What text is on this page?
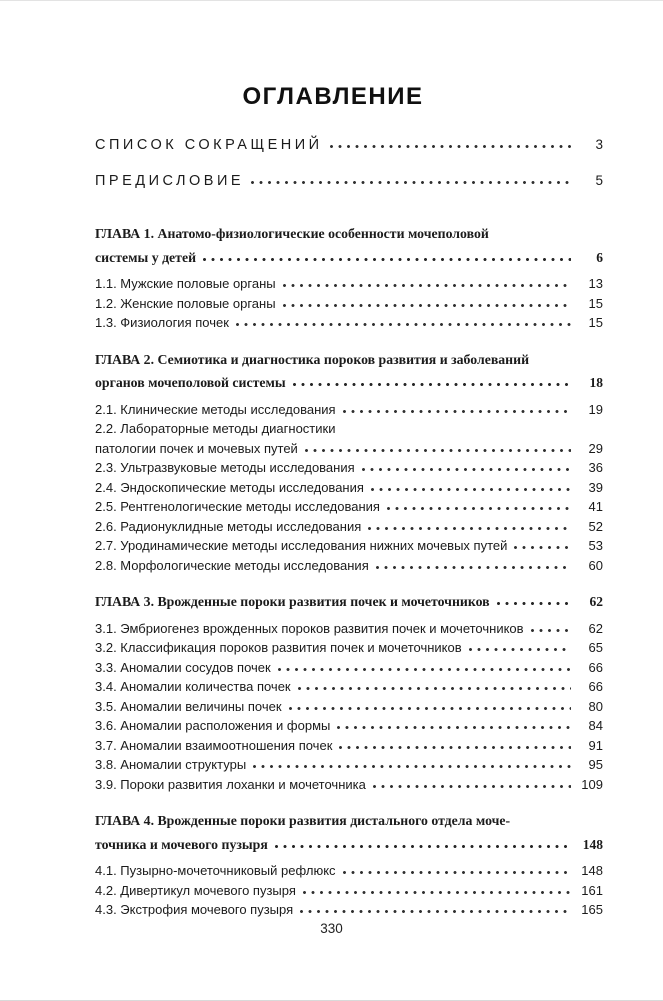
ОГЛАВЛЕНИЕ
СПИСОК СОКРАЩЕНИЙ	3
ПРЕДИСЛОВИЕ	5
ГЛАВА 1. Анатомо-физиологические особенности мочеполовой
системы у детей	6
1.1. Мужские половые органы	13
1.2. Женские половые органы	15
1.3. Физиология почек	15
ГЛАВА 2. Семиотика и диагностика пороков развития и заболеваний
органов мочеполовой системы	18
2.1. Клинические методы исследования	19
2.2. Лабораторные методы диагностики
патологии почек и мочевых путей	29
2.3. Ультразвуковые методы исследования	36
2.4. Эндоскопические методы исследования	39
2.5. Рентгенологические методы исследования	41
2.6. Радионуклидные методы исследования	52
2.7. Уродинамические методы исследования нижних мочевых путей	53
2.8. Морфологические методы исследования	60
ГЛАВА 3. Врожденные пороки развития почек и мочеточников	62
3.1. Эмбриогенез врожденных пороков развития почек и мочеточников	62
3.2. Классификация пороков развития почек и мочеточников	65
3.3. Аномалии сосудов почек	66
3.4. Аномалии количества почек	66
3.5. Аномалии величины почек	80
3.6. Аномалии расположения и формы	84
3.7. Аномалии взаимоотношения почек	91
3.8. Аномалии структуры	95
3.9. Пороки развития лоханки и мочеточника	109
ГЛАВА 4. Врожденные пороки развития дистального отдела моче-
точника и мочевого пузыря	148
4.1. Пузырно-мочеточниковый рефлюкс	148
4.2. Дивертикул мочевого пузыря	161
4.3. Экстрофия мочевого пузыря	165
330
